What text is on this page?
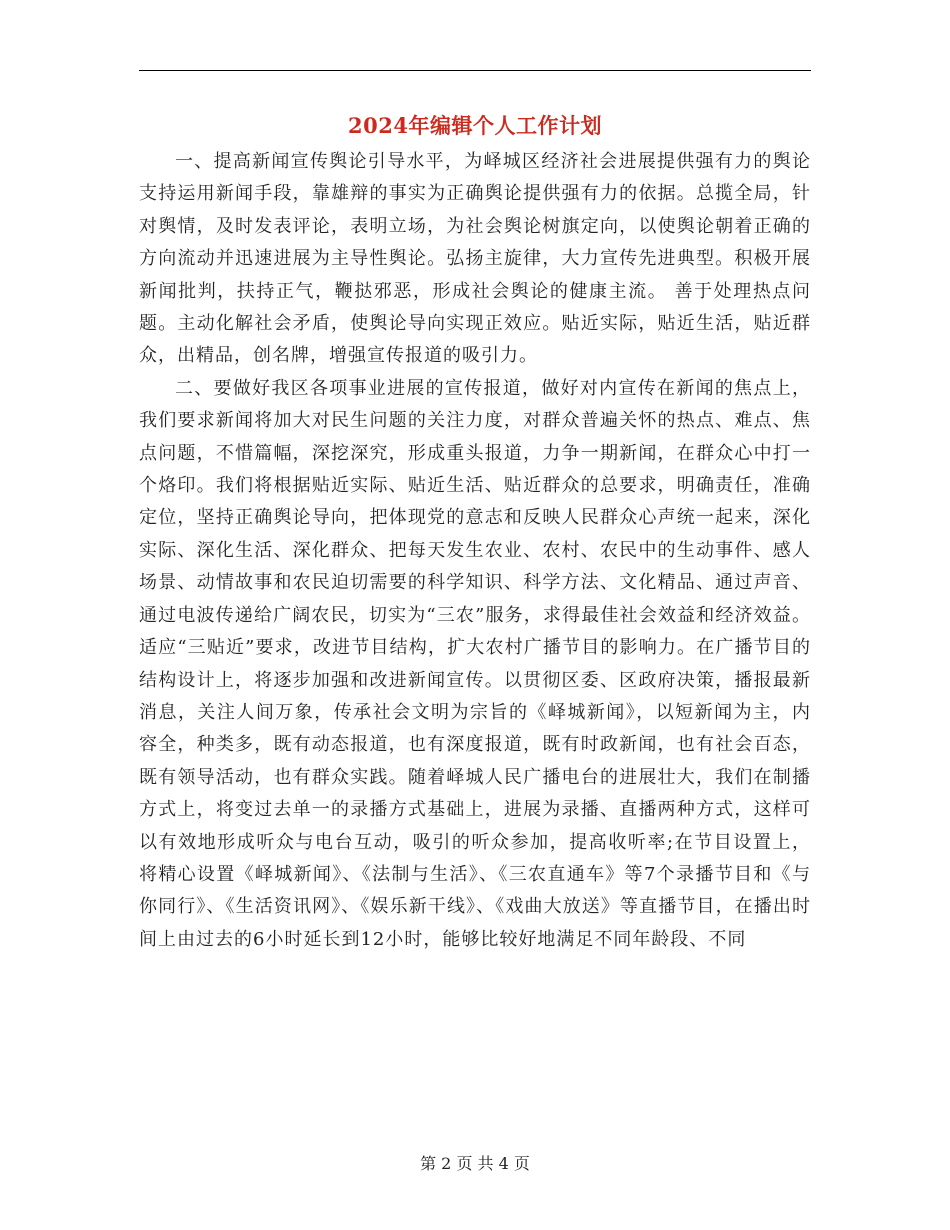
2024年编辑个人工作计划

一、提高新闻宣传舆论引导水平，为峄城区经济社会进展提供强有力的舆论支持运用新闻手段，靠雄辩的事实为正确舆论提供强有力的依据。总揽全局，针对舆情，及时发表评论，表明立场，为社会舆论树旗定向，以使舆论朝着正确的方向流动并迅速进展为主导性舆论。弘扬主旋律，大力宣传先进典型。积极开展新闻批判，扶持正气，鞭挞邪恶，形成社会舆论的健康主流。 善于处理热点问题。主动化解社会矛盾，使舆论导向实现正效应。贴近实际，贴近生活，贴近群众，出精品，创名牌，增强宣传报道的吸引力。

二、要做好我区各项事业进展的宣传报道，做好对内宣传在新闻的焦点上，我们要求新闻将加大对民生问题的关注力度，对群众普遍关怀的热点、难点、焦点问题，不惜篇幅，深挖深究，形成重头报道，力争一期新闻，在群众心中打一个烙印。我们将根据贴近实际、贴近生活、贴近群众的总要求，明确责任，准确定位，坚持正确舆论导向，把体现党的意志和反映人民群众心声统一起来，深化实际、深化生活、深化群众、把每天发生农业、农村、农民中的生动事件、感人场景、动情故事和农民迫切需要的科学知识、科学方法、文化精品、通过声音、通过电波传递给广阔农民，切实为“三农”服务，求得最佳社会效益和经济效益。适应“三贴近”要求，改进节目结构，扩大农村广播节目的影响力。在广播节目的结构设计上，将逐步加强和改进新闻宣传。以贯彻区委、区政府决策，播报最新消息，关注人间万象，传承社会文明为宗旨的《峄城新闻》，以短新闻为主，内容全，种类多，既有动态报道，也有深度报道，既有时政新闻，也有社会百态，既有领导活动，也有群众实践。随着峄城人民广播电台的进展壮大，我们在制播方式上，将变过去单一的录播方式基础上，进展为录播、直播两种方式，这样可以有效地形成听众与电台互动，吸引的听众参加，提高收听率;在节目设置上，将精心设置《峄城新闻》、《法制与生活》、《三农直通车》等7个录播节目和《与你同行》、《生活资讯网》、《娱乐新干线》、《戏曲大放送》等直播节目，在播出时间上由过去的6小时延长到12小时，能够比较好地满足不同年龄段、不同

第 2 页 共 4 页
